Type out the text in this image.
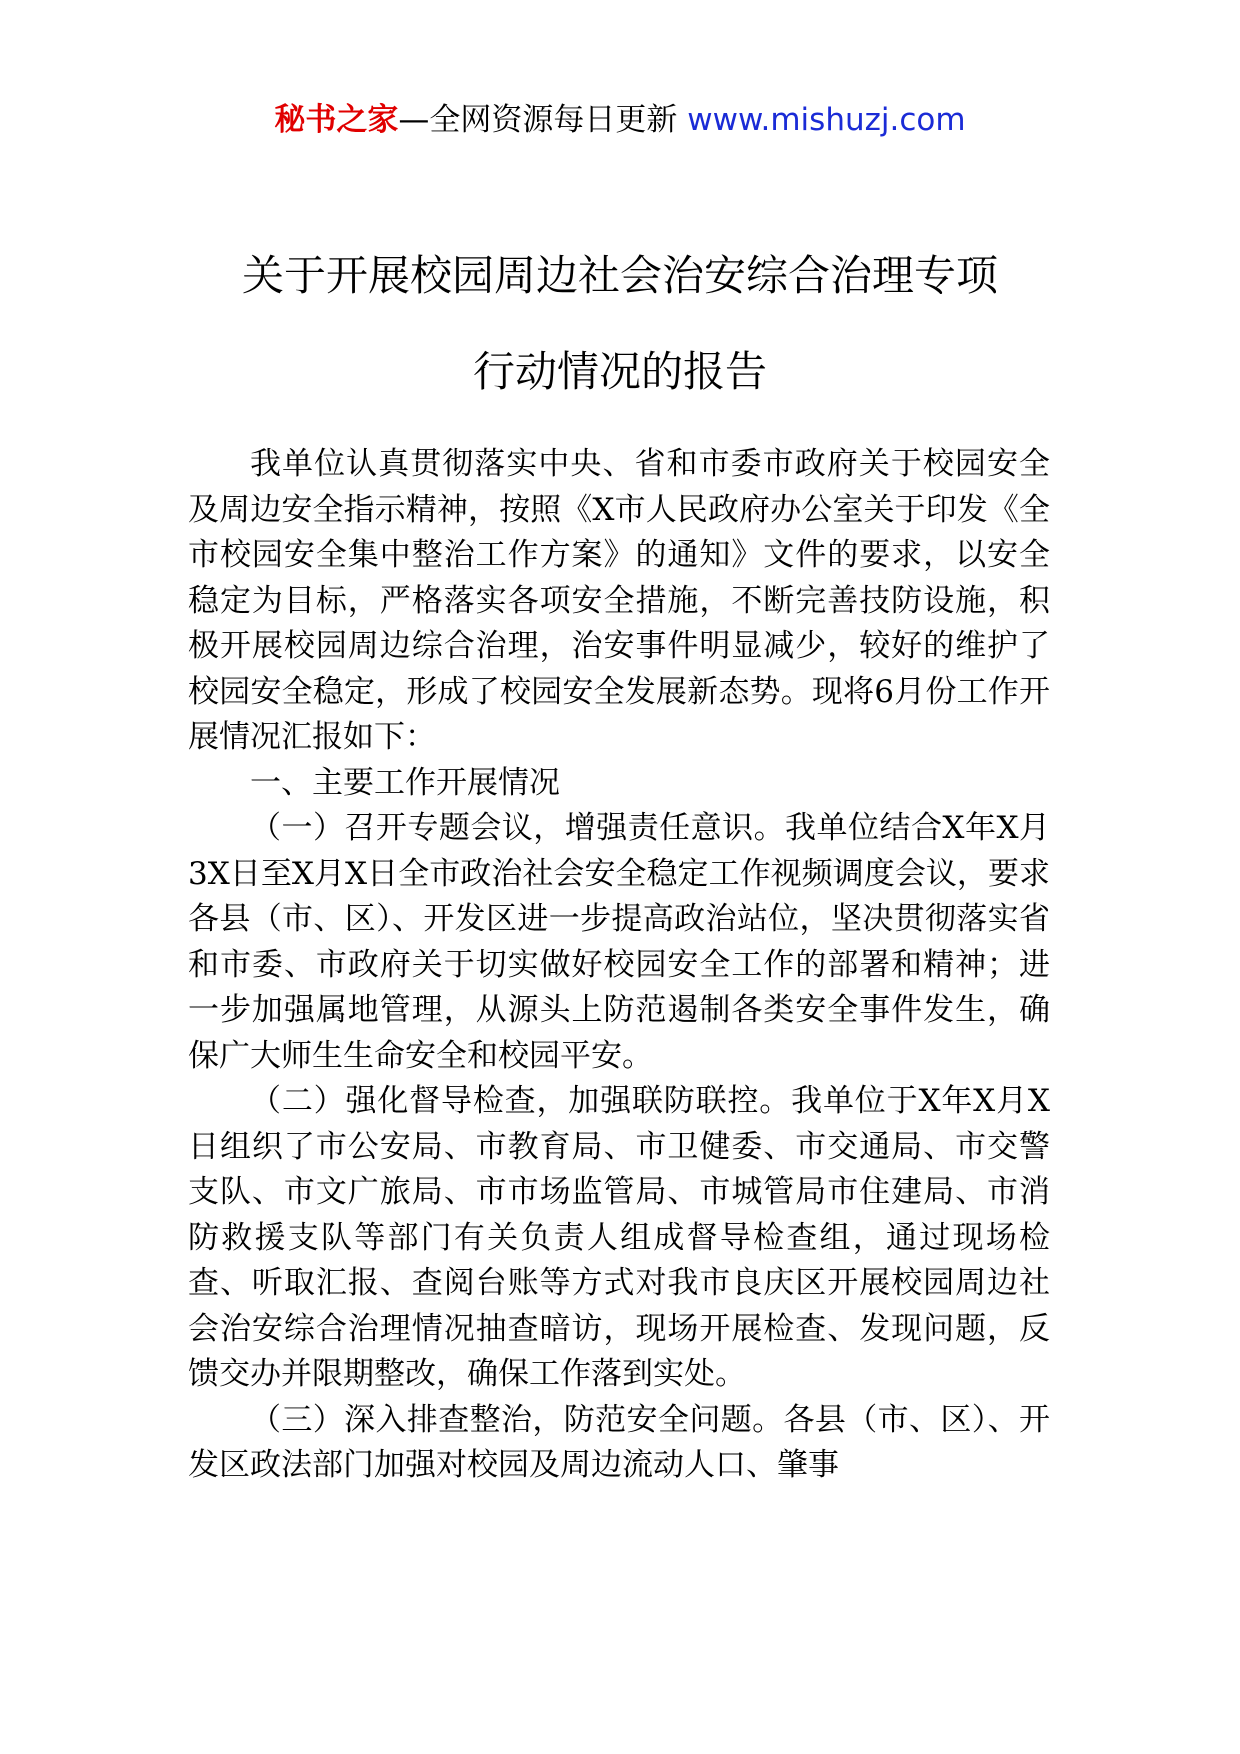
秘书之家—全网资源每日更新 www.mishuzj.com
关于开展校园周边社会治安综合治理专项
行动情况的报告

我单位认真贯彻落实中央、省和市委市政府关于校园安全及周边安全指示精神，按照《X市人民政府办公室关于印发《全市校园安全集中整治工作方案》的通知》文件的要求，以安全稳定为目标，严格落实各项安全措施，不断完善技防设施，积极开展校园周边综合治理，治安事件明显减少，较好的维护了校园安全稳定，形成了校园安全发展新态势。现将6月份工作开展情况汇报如下：

一、主要工作开展情况

（一）召开专题会议，增强责任意识。我单位结合X年X月3X日至X月X日全市政治社会安全稳定工作视频调度会议，要求各县（市、区）、开发区进一步提高政治站位，坚决贯彻落实省和市委、市政府关于切实做好校园安全工作的部署和精神；进一步加强属地管理，从源头上防范遏制各类安全事件发生，确保广大师生生命安全和校园平安。

（二）强化督导检查，加强联防联控。我单位于X年X月X日组织了市公安局、市教育局、市卫健委、市交通局、市交警支队、市文广旅局、市市场监管局、市城管局市住建局、市消防救援支队等部门有关负责人组成督导检查组，通过现场检查、听取汇报、查阅台账等方式对我市良庆区开展校园周边社会治安综合治理情况抽查暗访，现场开展检查、发现问题，反馈交办并限期整改，确保工作落到实处。

（三）深入排查整治，防范安全问题。各县（市、区）、开发区政法部门加强对校园及周边流动人口、肇事
